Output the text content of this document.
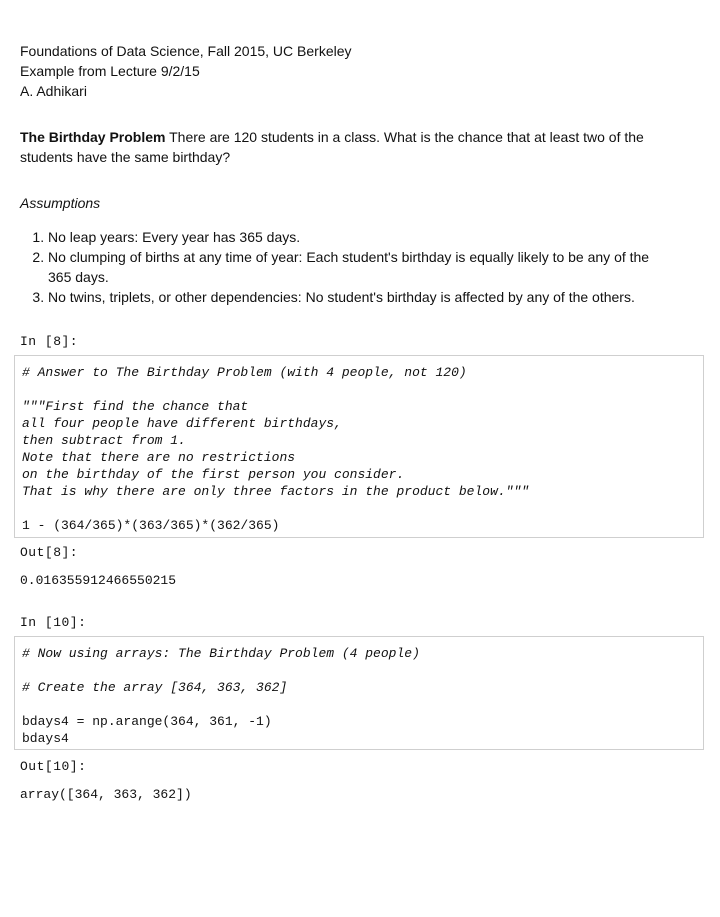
Foundations of Data Science, Fall 2015, UC Berkeley
Example from Lecture 9/2/15
A. Adhikari
The Birthday Problem There are 120 students in a class. What is the chance that at least two of the
students have the same birthday?
Assumptions
1. No leap years: Every year has 365 days.
2. No clumping of births at any time of year: Each student's birthday is equally likely to be any of the
365 days.
3. No twins, triplets, or other dependencies: No student's birthday is affected by any of the others.
In [8]:
# Answer to The Birthday Problem (with 4 people, not 120)
"""First find the chance that
all four people have different birthdays,
then subtract from 1.
Note that there are no restrictions
on the birthday of the first person you consider.
That is why there are only three factors in the product below."""
1 - (364/365)*(363/365)*(362/365)
Out[8]:
0.016355912466550215
In [10]:
# Now using arrays: The Birthday Problem (4 people)
# Create the array [364, 363, 362]
bdays4 = np.arange(364, 361, -1)
bdays4
Out[10]:
array([364, 363, 362])
